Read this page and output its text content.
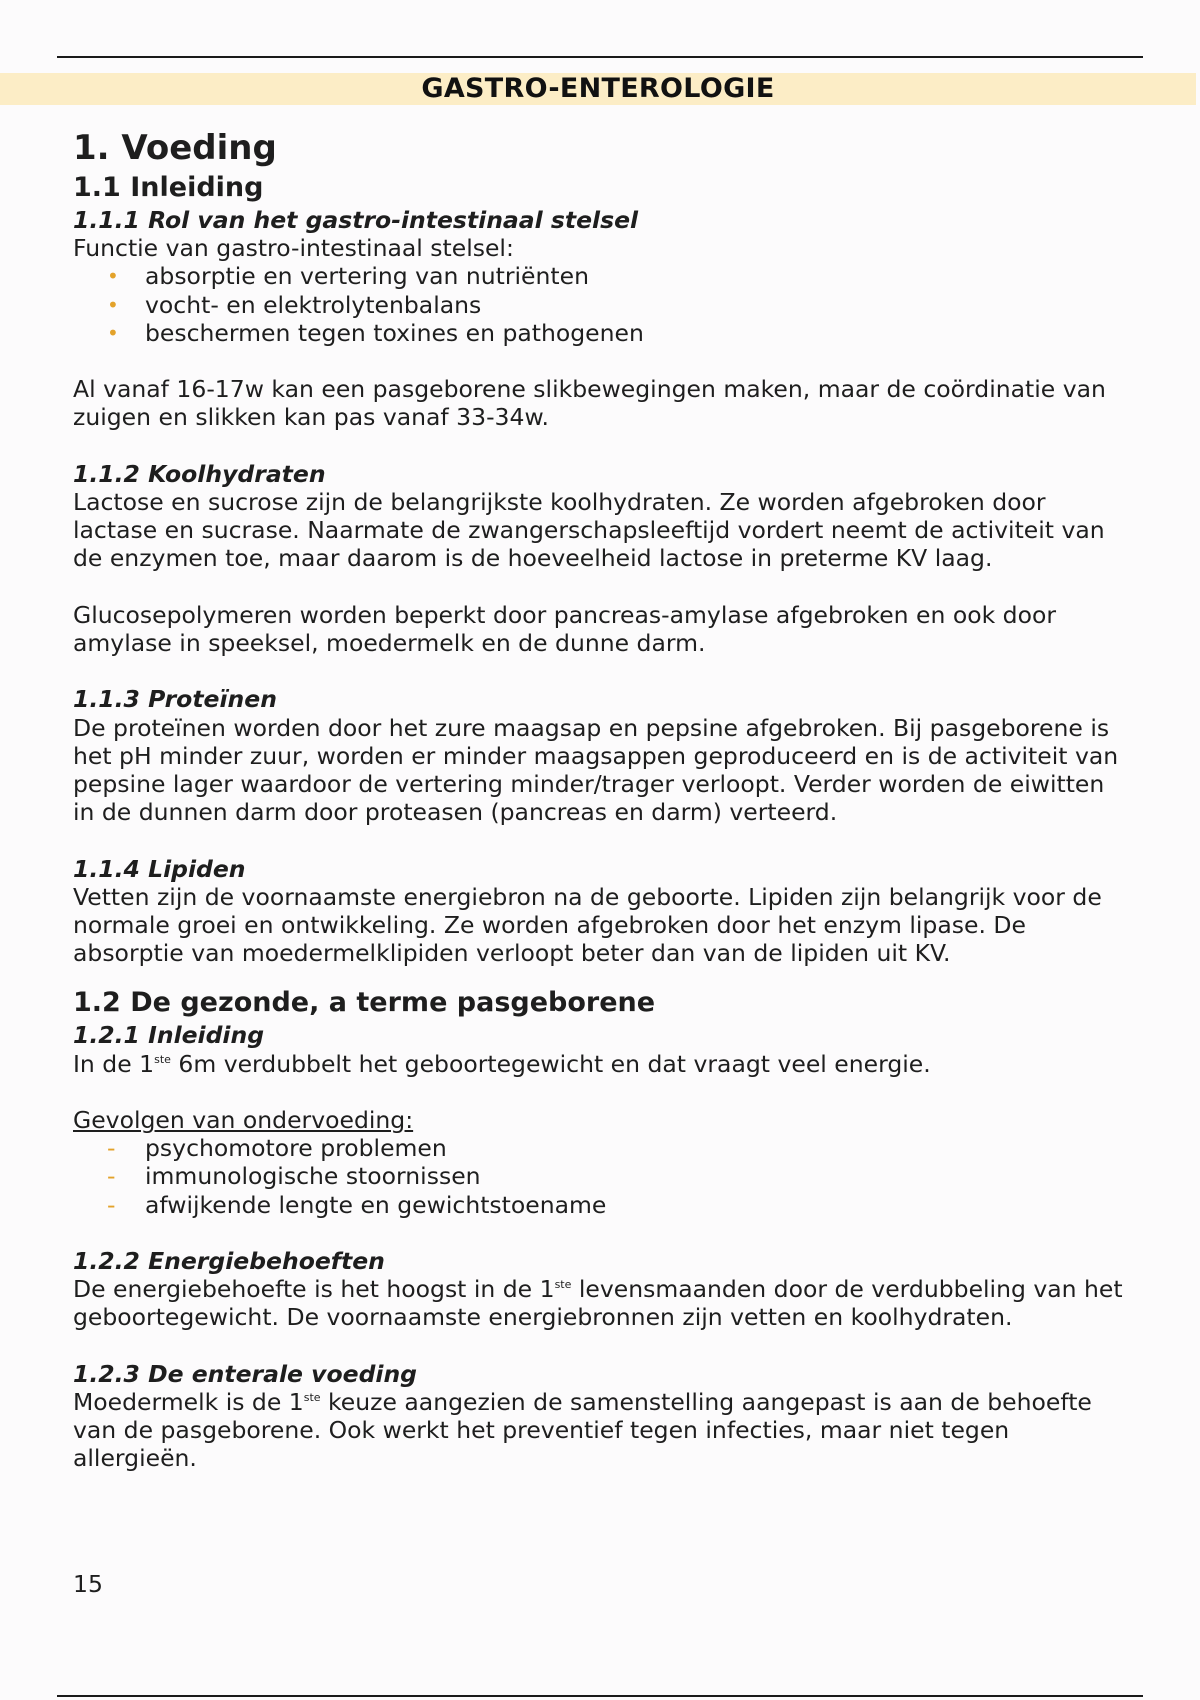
GASTRO-ENTEROLOGIE
1. Voeding
1.1 Inleiding
1.1.1 Rol van het gastro-intestinaal stelsel

Functie van gastro-intestinaal stelsel:

• absorptie en vertering van nutriënten
• vocht- en elektrolytenbalans
• beschermen tegen toxines en pathogenen

Al vanaf 16-17w kan een pasgeborene slikbewegingen maken, maar de coördinatie van zuigen en slikken kan pas vanaf 33-34w.

1.1.2 Koolhydraten

Lactose en sucrose zijn de belangrijkste koolhydraten. Ze worden afgebroken door lactase en sucrase. Naarmate de zwangerschapsleeftijd vordert neemt de activiteit van de enzymen toe, maar daarom is de hoeveelheid lactose in preterme KV laag.

Glucosepolymeren worden beperkt door pancreas-amylase afgebroken en ook door amylase in speeksel, moedermelk en de dunne darm.

1.1.3 Proteïnen

De proteïnen worden door het zure maagsap en pepsine afgebroken. Bij pasgeborene is het pH minder zuur, worden er minder maagsappen geproduceerd en is de activiteit van pepsine lager waardoor de vertering minder/trager verloopt. Verder worden de eiwitten in de dunnen darm door proteasen (pancreas en darm) verteerd.

1.1.4 Lipiden

Vetten zijn de voornaamste energiebron na de geboorte. Lipiden zijn belangrijk voor de normale groei en ontwikkeling. Ze worden afgebroken door het enzym lipase. De absorptie van moedermelklipiden verloopt beter dan van de lipiden uit KV.

1.2 De gezonde, a terme pasgeborene
1.2.1 Inleiding

In de 1ste 6m verdubbelt het geboortegewicht en dat vraagt veel energie.

Gevolgen van ondervoeding:

- psychomotore problemen
- immunologische stoornissen
- afwijkende lengte en gewichtstoename
1.2.2 Energiebehoeften

De energiebehoefte is het hoogst in de 1ste levensmaanden door de verdubbeling van het geboortegewicht. De voornaamste energiebronnen zijn vetten en koolhydraten.

1.2.3 De enterale voeding

Moedermelk is de 1ste keuze aangezien de samenstelling aangepast is aan de behoefte van de pasgeborene. Ook werkt het preventief tegen infecties, maar niet tegen allergieën.

15
